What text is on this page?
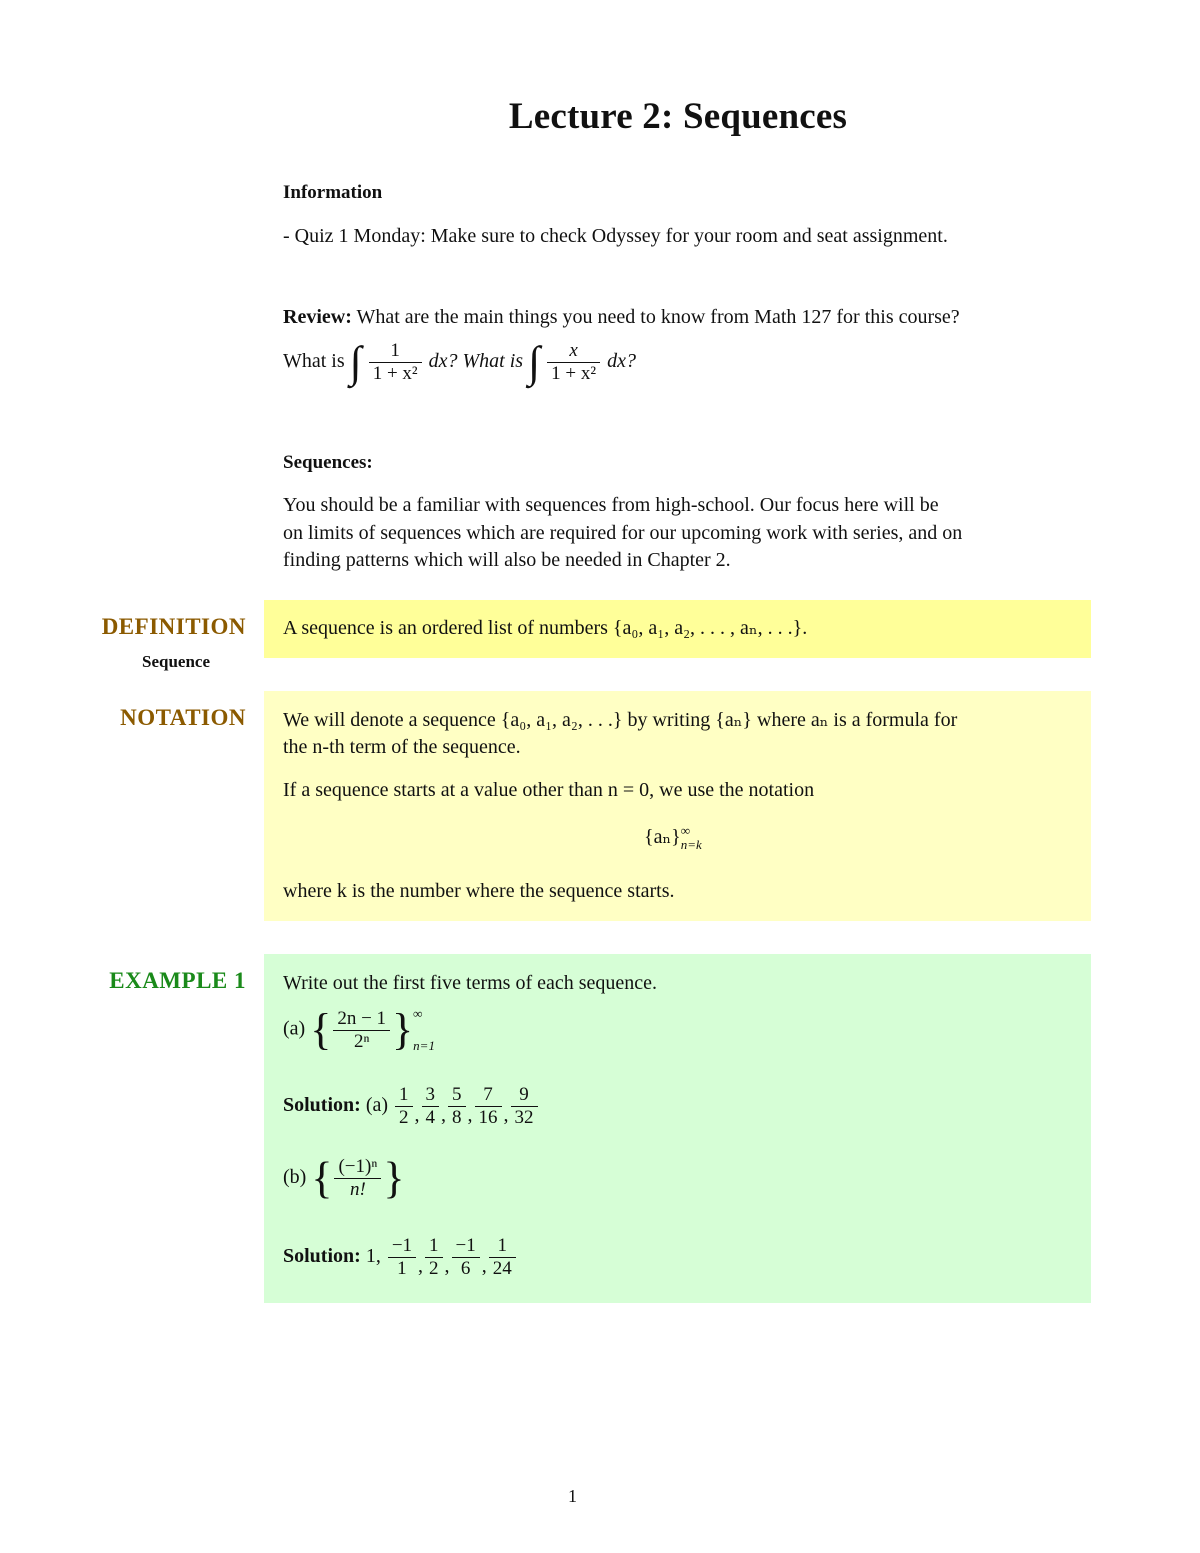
Lecture 2: Sequences
Information
- Quiz 1 Monday: Make sure to check Odyssey for your room and seat assignment.
Review: What are the main things you need to know from Math 127 for this course?
What is ∫ $\frac{1}{\text{1 + x²}}$ dx? What is ∫ $\frac{x}{\text{1 + x²}}$ dx?
Sequences:
You should be a familiar with sequences from high-school. Our focus here will be
on limits of sequences which are required for our upcoming work with series, and on
finding patterns which will also be needed in Chapter 2.
DEFINITION
Sequence
A sequence is an ordered list of numbers {a₀, a₁, a₂, . . . , aₙ, . . .}.
NOTATION We will denote a sequence {a₀, a₁, a₂, . . .} by writing {aₙ} where aₙ is a formula for
the n-th term of the sequence.
If a sequence starts at a value other than n = 0, we use the notation
{aₙ} ∞
n=k
where k is the number where the sequence starts.
EXAMPLE 1 Write out the first five terms of each sequence.
(a) { $\frac{2n - 1}{\text{2ⁿ}}$ } ∞
n=1
Solution: $(a) \frac{1}{2}$ , $\frac{3}{4}$ , $\frac{5}{8}$ , $\frac{7}{16}$ , $\frac{9}{32}$
(b) { $\frac{\text{(−1)ⁿ}}{n!}$ }
Solution: 1, $\frac{-1}{1}$ , $\frac{1}{2}$ , $\frac{-1}{6}$ , $\frac{1}{24}$
1
